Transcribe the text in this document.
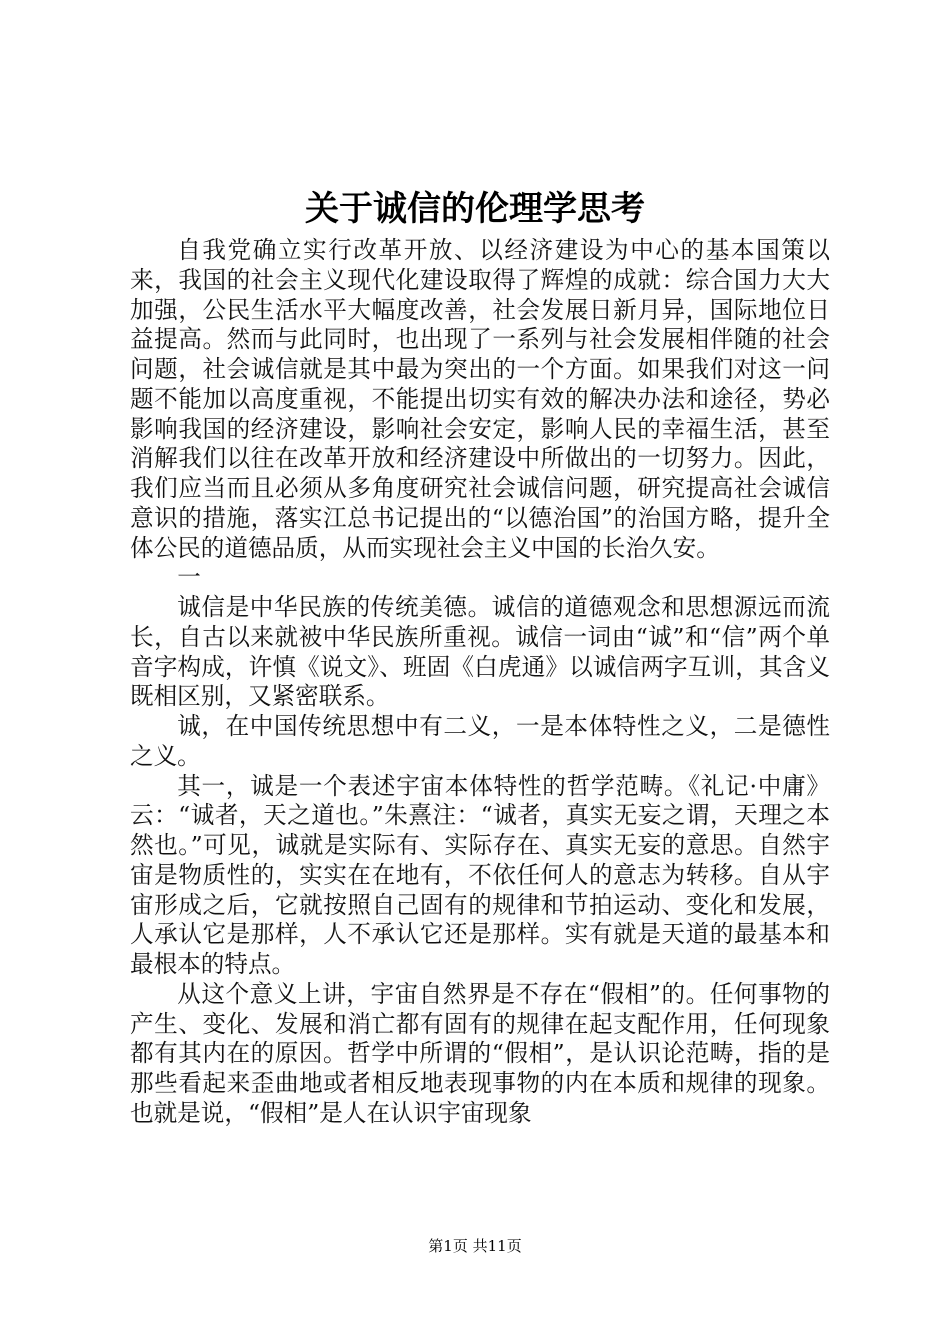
关于诚信的伦理学思考

自我党确立实行改革开放、以经济建设为中心的基本国策以来，我国的社会主义现代化建设取得了辉煌的成就：综合国力大大加强，公民生活水平大幅度改善，社会发展日新月异，国际地位日益提高。然而与此同时，也出现了一系列与社会发展相伴随的社会问题，社会诚信就是其中最为突出的一个方面。如果我们对这一问题不能加以高度重视，不能提出切实有效的解决办法和途径，势必影响我国的经济建设，影响社会安定，影响人民的幸福生活，甚至消解我们以往在改革开放和经济建设中所做出的一切努力。因此，我们应当而且必须从多角度研究社会诚信问题，研究提高社会诚信意识的措施，落实江总书记提出的“以德治国”的治国方略，提升全体公民的道德品质，从而实现社会主义中国的长治久安。

一

诚信是中华民族的传统美德。诚信的道德观念和思想源远而流长，自古以来就被中华民族所重视。诚信一词由“诚”和“信”两个单音字构成，许慎《说文》、班固《白虎通》以诚信两字互训，其含义既相区别，又紧密联系。

诚，在中国传统思想中有二义，一是本体特性之义，二是德性之义。

其一，诚是一个表述宇宙本体特性的哲学范畴。《礼记·中庸》云：“诚者，天之道也。”朱熹注：“诚者，真实无妄之谓，天理之本然也。”可见，诚就是实际有、实际存在、真实无妄的意思。自然宇宙是物质性的，实实在在地有，不依任何人的意志为转移。自从宇宙形成之后，它就按照自己固有的规律和节拍运动、变化和发展，人承认它是那样，人不承认它还是那样。实有就是天道的最基本和最根本的特点。

从这个意义上讲，宇宙自然界是不存在“假相”的。任何事物的产生、变化、发展和消亡都有固有的规律在起支配作用，任何现象都有其内在的原因。哲学中所谓的“假相”，是认识论范畴，指的是那些看起来歪曲地或者相反地表现事物的内在本质和规律的现象。也就是说，“假相”是人在认识宇宙现象

第1页 共11页
